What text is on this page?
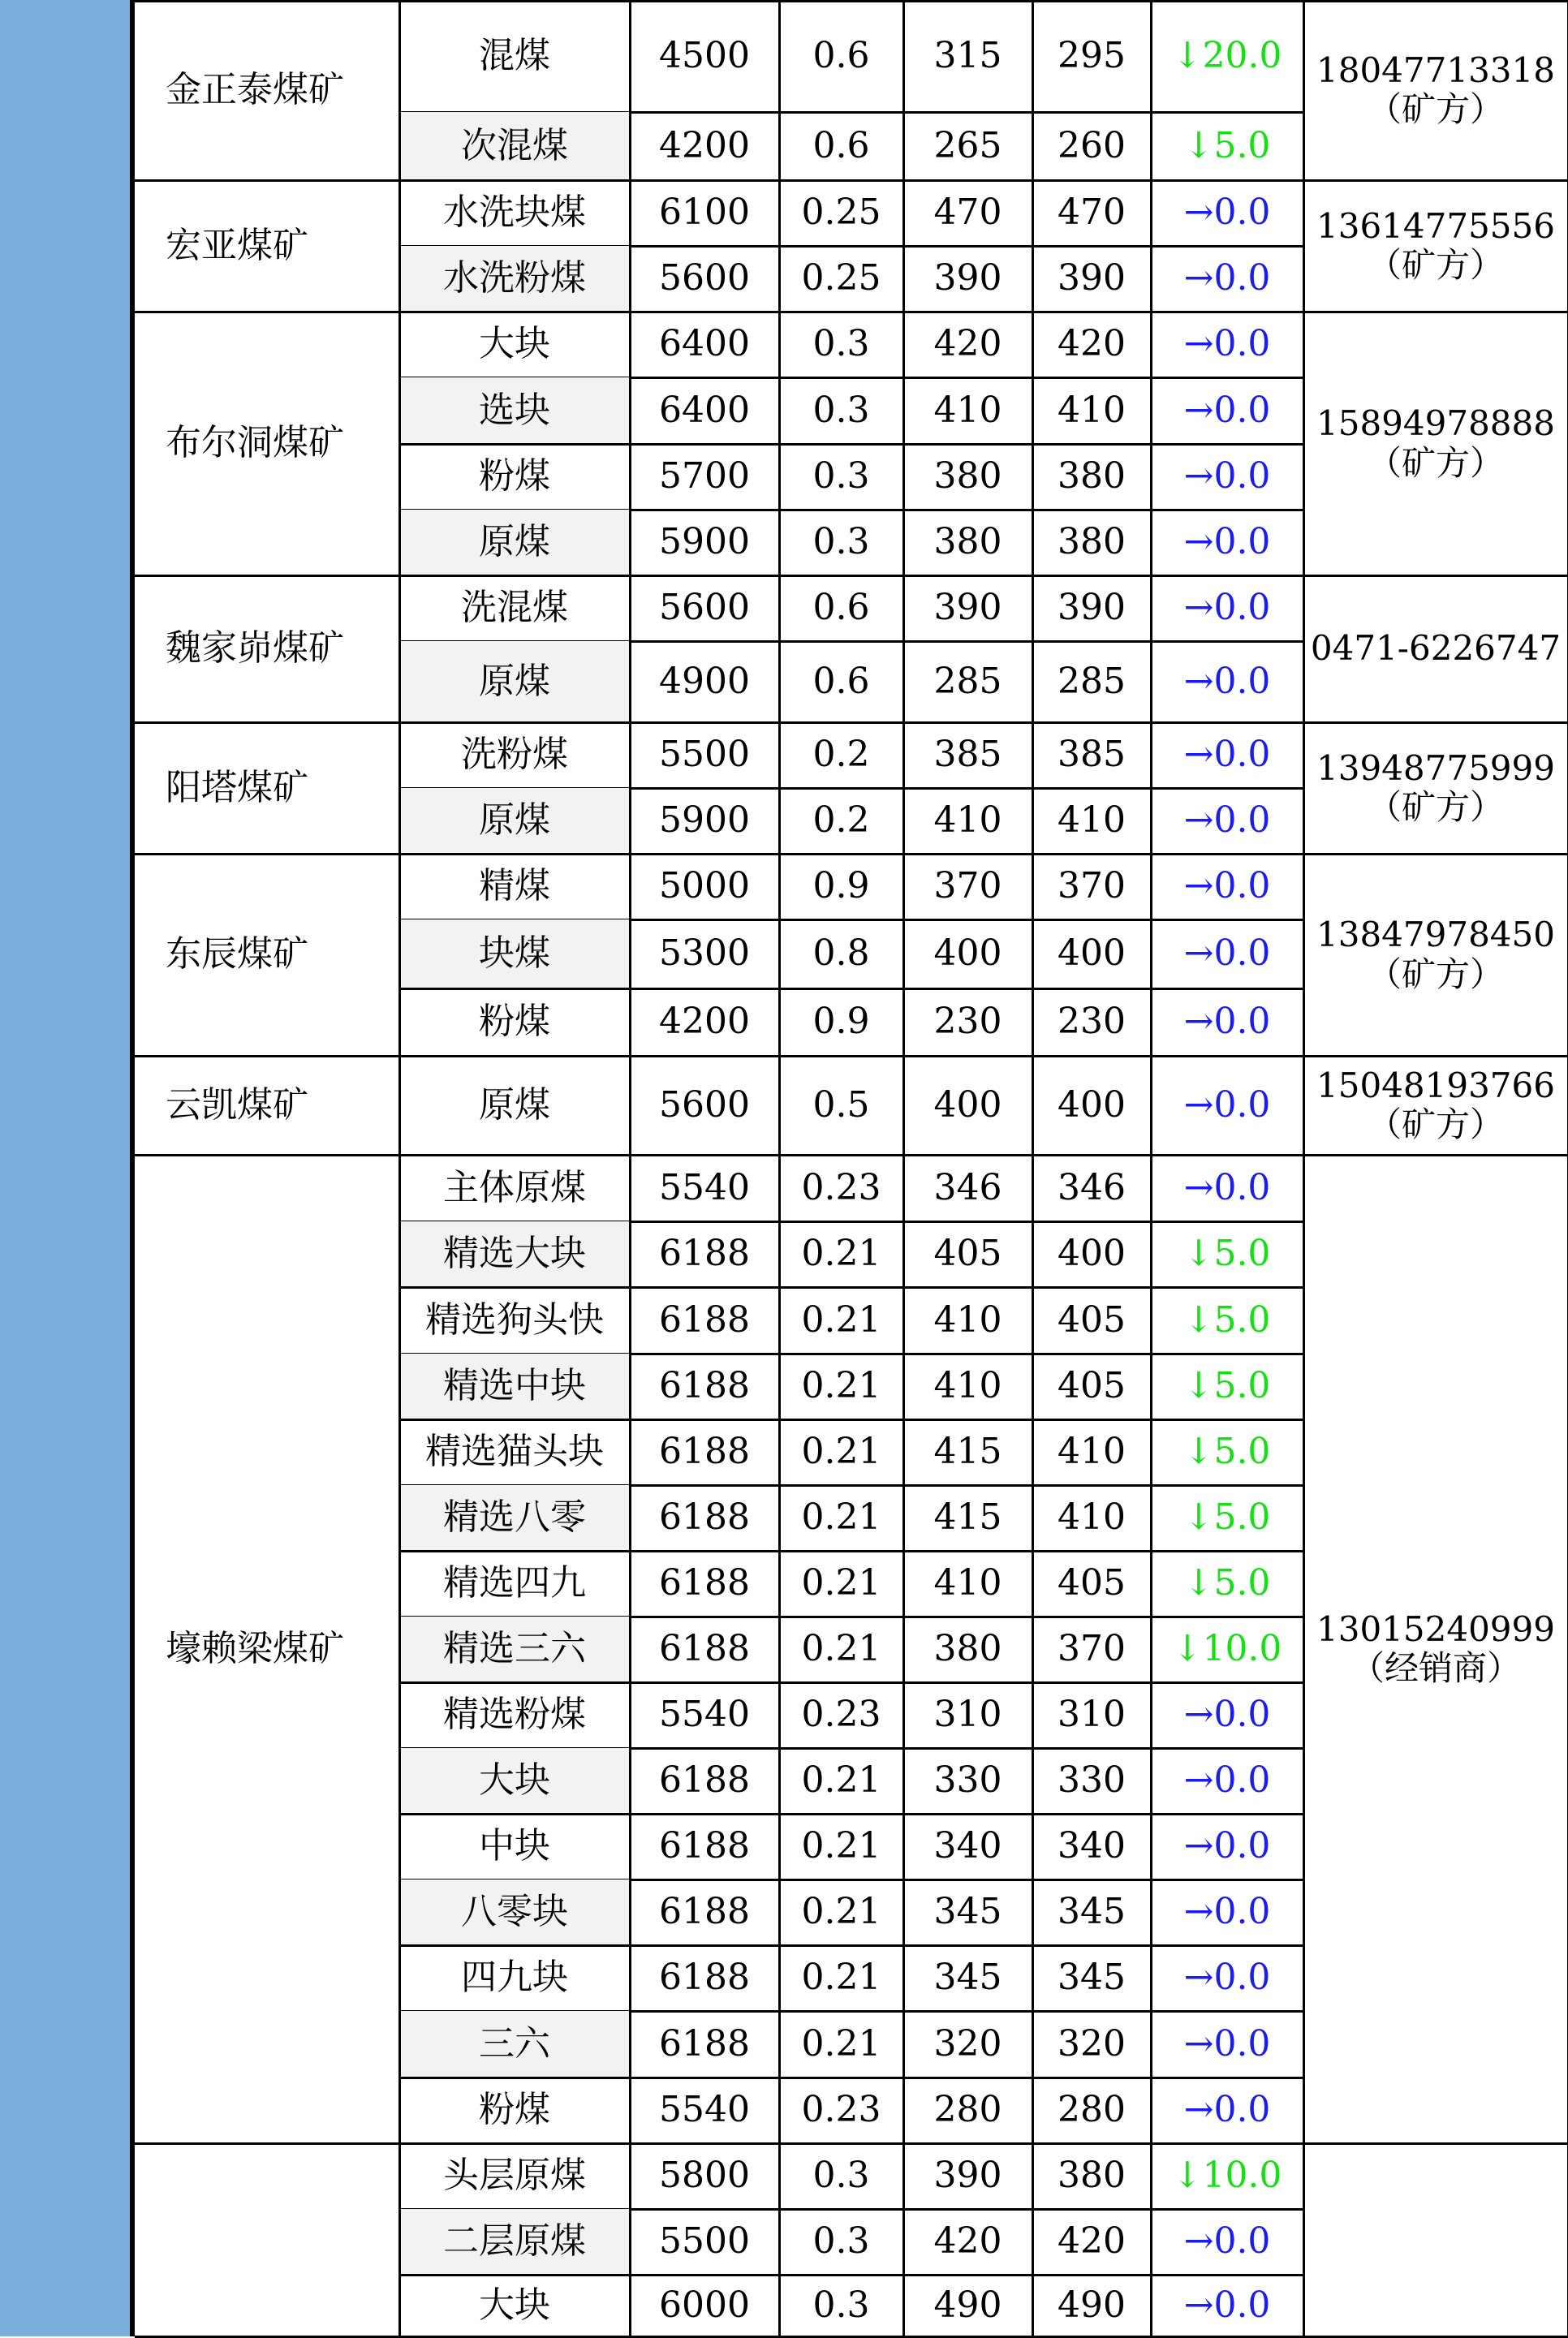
金正泰煤矿	18047713318
（矿方）
混煤	4500	0.6	315	295	↓20.0
次混煤	4200	0.6	265	260	↓5.0
宏亚煤矿	13614775556
（矿方）
水洗块煤	6100	0.25	470	470	→0.0
水洗粉煤	5600	0.25	390	390	→0.0
布尔洞煤矿	15894978888
（矿方）
大块	6400	0.3	420	420	→0.0
选块	6400	0.3	410	410	→0.0
粉煤	5700	0.3	380	380	→0.0
原煤	5900	0.3	380	380	→0.0
魏家峁煤矿	0471-6226747
洗混煤	5600	0.6	390	390	→0.0
原煤	4900	0.6	285	285	→0.0
阳塔煤矿	13948775999
（矿方）
洗粉煤	5500	0.2	385	385	→0.0
原煤	5900	0.2	410	410	→0.0
东辰煤矿	13847978450
（矿方）
精煤	5000	0.9	370	370	→0.0
块煤	5300	0.8	400	400	→0.0
粉煤	4200	0.9	230	230	→0.0
云凯煤矿	15048193766
（矿方）
原煤	5600	0.5	400	400	→0.0
壕赖梁煤矿	13015240999
（经销商）
主体原煤	5540	0.23	346	346	→0.0
精选大块	6188	0.21	405	400	↓5.0
精选狗头快	6188	0.21	410	405	↓5.0
精选中块	6188	0.21	410	405	↓5.0
精选猫头块	6188	0.21	415	410	↓5.0
精选八零	6188	0.21	415	410	↓5.0
精选四九	6188	0.21	410	405	↓5.0
精选三六	6188	0.21	380	370	↓10.0
精选粉煤	5540	0.23	310	310	→0.0
大块	6188	0.21	330	330	→0.0
中块	6188	0.21	340	340	→0.0
八零块	6188	0.21	345	345	→0.0
四九块	6188	0.21	345	345	→0.0
三六	6188	0.21	320	320	→0.0
粉煤	5540	0.23	280	280	→0.0
头层原煤	5800	0.3	390	380	↓10.0
二层原煤	5500	0.3	420	420	→0.0
大块	6000	0.3	490	490	→0.0
